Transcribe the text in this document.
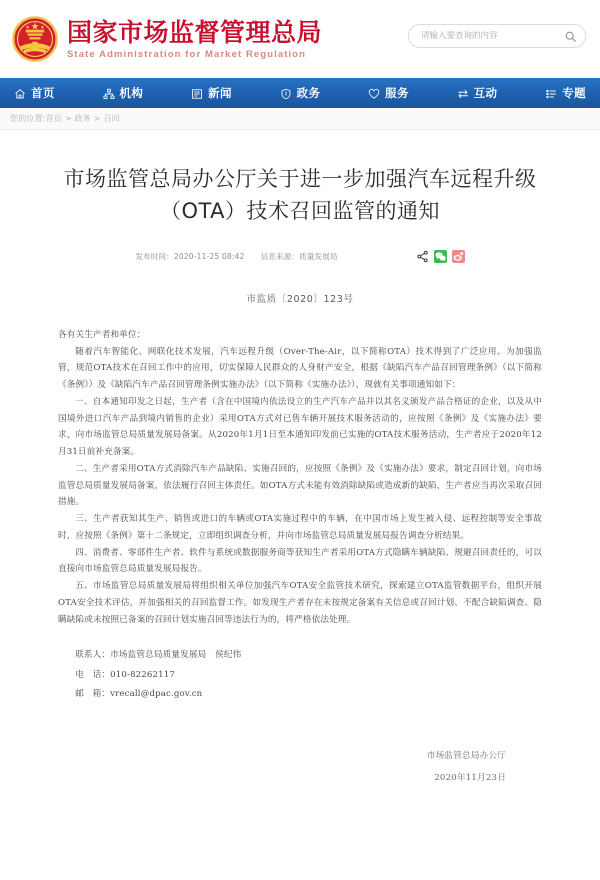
国家市场监督管理总局
State Administration for Market Regulation
请输入要查询的内容
首页	机构	新闻	政务	服务	互动	专题
您的位置:首页 > 政务 > 召回
市场监管总局办公厅关于进一步加强汽车远程升级（OTA）技术召回监管的通知
发布时间：2020-11-25 08:42 信息来源：质量发展局
市监质〔2020〕123号

各有关生产者和单位：

随着汽车智能化、网联化技术发展，汽车远程升级（Over-The-Air，以下简称OTA）技术得到了广泛应用。为加强监管，规范OTA技术在召回工作中的应用，切实保障人民群众的人身财产安全，根据《缺陷汽车产品召回管理条例》（以下简称《条例》）及《缺陷汽车产品召回管理条例实施办法》（以下简称《实施办法》），现就有关事项通知如下：

一、自本通知印发之日起，生产者（含在中国境内依法设立的生产汽车产品并以其名义颁发产品合格证的企业，以及从中国境外进口汽车产品到境内销售的企业）采用OTA方式对已售车辆开展技术服务活动的，应按照《条例》及《实施办法》要求，向市场监管总局质量发展局备案。从2020年1月1日至本通知印发前已实施的OTA技术服务活动，生产者应于2020年12月31日前补充备案。

二、生产者采用OTA方式消除汽车产品缺陷、实施召回的，应按照《条例》及《实施办法》要求，制定召回计划，向市场监管总局质量发展局备案，依法履行召回主体责任。如OTA方式未能有效消除缺陷或造成新的缺陷，生产者应当再次采取召回措施。

三、生产者获知其生产、销售或进口的车辆或OTA实施过程中的车辆，在中国市场上发生被入侵、远程控制等安全事故时，应按照《条例》第十二条规定，立即组织调查分析，并向市场监管总局质量发展局报告调查分析结果。

四、消费者、零部件生产者、软件与系统或数据服务商等获知生产者采用OTA方式隐瞒车辆缺陷、规避召回责任的，可以直接向市场监管总局质量发展局报告。

五、市场监管总局质量发展局将组织相关单位加强汽车OTA安全监管技术研究，探索建立OTA监管数据平台，组织开展OTA安全技术评估，并加强相关的召回监督工作。如发现生产者存在未按规定备案有关信息或召回计划、不配合缺陷调查、隐瞒缺陷或未按照已备案的召回计划实施召回等违法行为的，将严格依法处理。

联系人：市场监管总局质量发展局　侯纪伟
电　话：010-82262117
邮　箱：vrecall@dpac.gov.cn
市场监管总局办公厅
2020年11月23日
